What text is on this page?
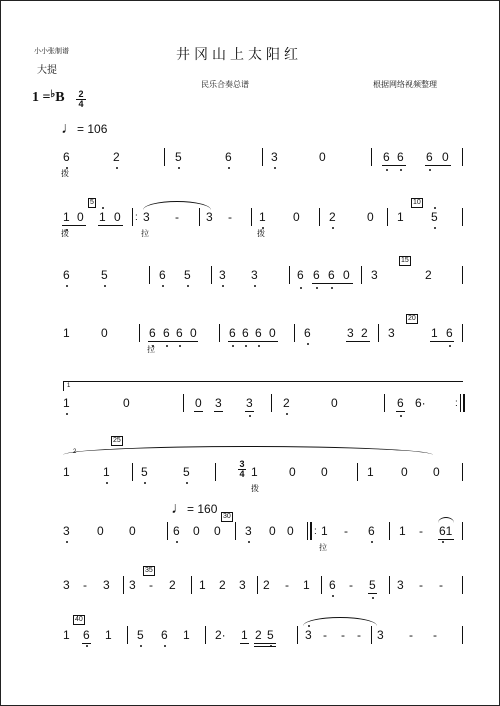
小小张制谱
大提
井冈山上太阳红
民乐合奏总谱	根据网络视频整理
1 =♭B 2
4
♩= 106
6
拨
2	5	6	3	0	6 6 6 0
1 0
5
1 0
拨
: 3 -
拉
3 - 1
拨
0 2	0 1
10
5
6	5	6 5 3 3	6 6 6 0 3
15
2
1	0	6 6 6 0
拉
6 6 6 0 6	3 2 3
20
1 6
1
1	0	0 3 3	2	0	6 6·	:
2
25
1	1	5	5
3
4 1
拨
0 0	1 0 0
♩= 160
3 0 0	6 0 0
30
3 0 0 : 1
拉
- 6 1 - 61
3 - 3
35
3 - 2 1 2 3 2 - 1 6 - 5 3 - -
40
1 6 1 5 6 1 2· 1 2 5	3 - - - 3 - -
